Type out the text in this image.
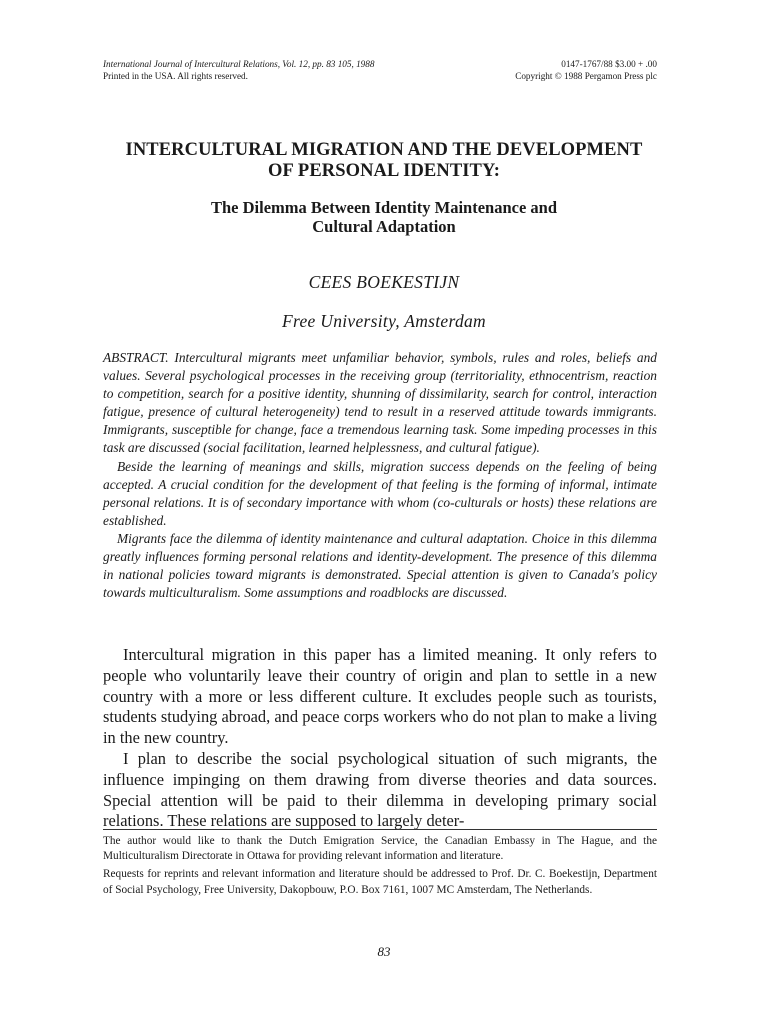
International Journal of Intercultural Relations, Vol. 12, pp. 83 105, 1988	0147-1767/88 $3.00 + .00
Printed in the USA. All rights reserved.	Copyright © 1988 Pergamon Press plc
INTERCULTURAL MIGRATION AND THE DEVELOPMENT
OF PERSONAL IDENTITY:
The Dilemma Between Identity Maintenance and
Cultural Adaptation
CEES BOEKESTIJN
Free University, Amsterdam

ABSTRACT. Intercultural migrants meet unfamiliar behavior, symbols, rules and roles, beliefs and values. Several psychological processes in the receiving group (territoriality, ethnocentrism, reaction to competition, search for a positive identity, shunning of dissimilarity, search for control, interaction fatigue, presence of cultural heterogeneity) tend to result in a reserved attitude towards immigrants. Immigrants, susceptible for change, face a tremendous learning task. Some impeding processes in this task are discussed (social facilitation, learned helplessness, and cultural fatigue).

Beside the learning of meanings and skills, migration success depends on the feeling of being accepted. A crucial condition for the development of that feeling is the forming of informal, intimate personal relations. It is of secondary importance with whom (co-culturals or hosts) these relations are established.

Migrants face the dilemma of identity maintenance and cultural adaptation. Choice in this dilemma greatly influences forming personal relations and identity-development. The presence of this dilemma in national policies toward migrants is demonstrated. Special attention is given to Canada's policy towards multiculturalism. Some assumptions and roadblocks are discussed.

Intercultural migration in this paper has a limited meaning. It only refers to people who voluntarily leave their country of origin and plan to settle in a new country with a more or less different culture. It excludes people such as tourists, students studying abroad, and peace corps workers who do not plan to make a living in the new country.

I plan to describe the social psychological situation of such migrants, the influence impinging on them drawing from diverse theories and data sources. Special attention will be paid to their dilemma in developing primary social relations. These relations are supposed to largely deter-

The author would like to thank the Dutch Emigration Service, the Canadian Embassy in The Hague, and the Multiculturalism Directorate in Ottawa for providing relevant information and literature.

Requests for reprints and relevant information and literature should be addressed to Prof. Dr. C. Boekestijn, Department of Social Psychology, Free University, Dakopbouw, P.O. Box 7161, 1007 MC Amsterdam, The Netherlands.

83
